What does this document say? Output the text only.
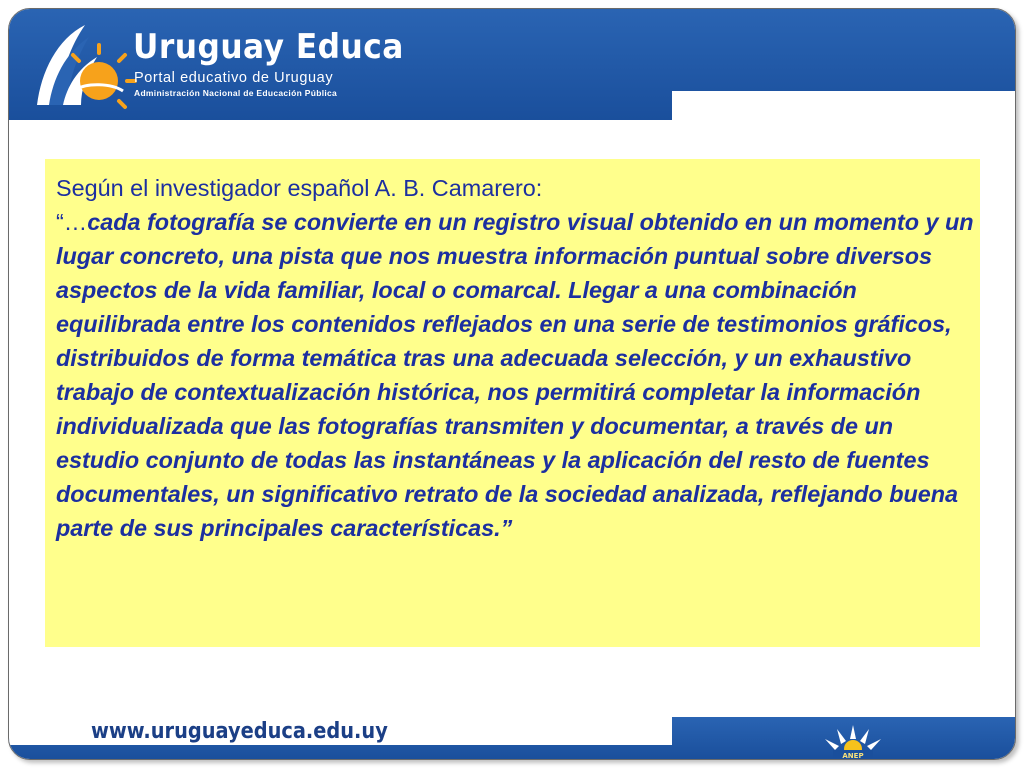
Uruguay Educa
Portal educativo de Uruguay
Administración Nacional de Educación Pública
Según el investigador español A. B. Camarero:
“…cada fotografía se convierte en un registro visual obtenido en un momento y un lugar concreto, una pista que nos muestra información puntual sobre diversos aspectos de la vida familiar, local o comarcal. Llegar a una combinación equilibrada entre los contenidos reflejados en una serie de testimonios gráficos, distribuidos de forma temática tras una adecuada selección, y un exhaustivo trabajo de contextualización histórica, nos permitirá completar la información individualizada que las fotografías transmiten y documentar, a través de un estudio conjunto de todas las instantáneas y la aplicación del resto de fuentes documentales, un significativo retrato de la sociedad analizada, reflejando buena parte de sus principales características.”
www.uruguayeduca.edu.uy
ANEP
